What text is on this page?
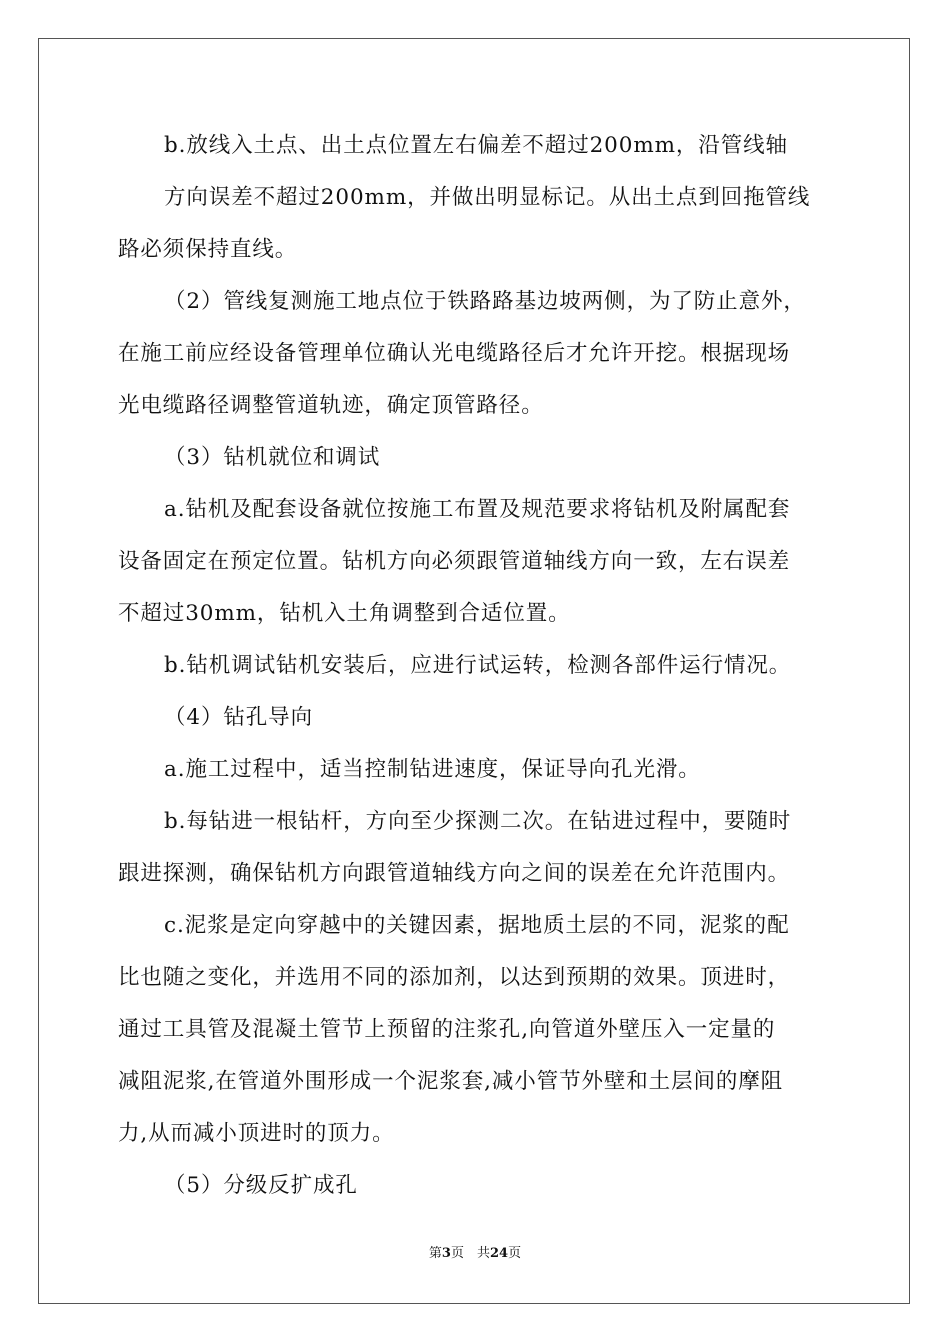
b.放线入土点、出土点位置左右偏差不超过200mm，沿管线轴
方向误差不超过200mm，并做出明显标记。从出土点到回拖管线
路必须保持直线。
（2）管线复测施工地点位于铁路路基边坡两侧，为了防止意外，
在施工前应经设备管理单位确认光电缆路径后才允许开挖。根据现场
光电缆路径调整管道轨迹，确定顶管路径。
（3）钻机就位和调试
a.钻机及配套设备就位按施工布置及规范要求将钻机及附属配套
设备固定在预定位置。钻机方向必须跟管道轴线方向一致，左右误差
不超过30mm，钻机入土角调整到合适位置。
b.钻机调试钻机安装后，应进行试运转，检测各部件运行情况。
（4）钻孔导向
a.施工过程中，适当控制钻进速度，保证导向孔光滑。
b.每钻进一根钻杆，方向至少探测二次。在钻进过程中，要随时
跟进探测，确保钻机方向跟管道轴线方向之间的误差在允许范围内。
c.泥浆是定向穿越中的关键因素，据地质土层的不同，泥浆的配
比也随之变化，并选用不同的添加剂，以达到预期的效果。顶进时，
通过工具管及混凝土管节上预留的注浆孔,向管道外壁压入一定量的
减阻泥浆,在管道外围形成一个泥浆套,减小管节外壁和土层间的摩阻
力,从而减小顶进时的顶力。
（5）分级反扩成孔
第3页　共24页
